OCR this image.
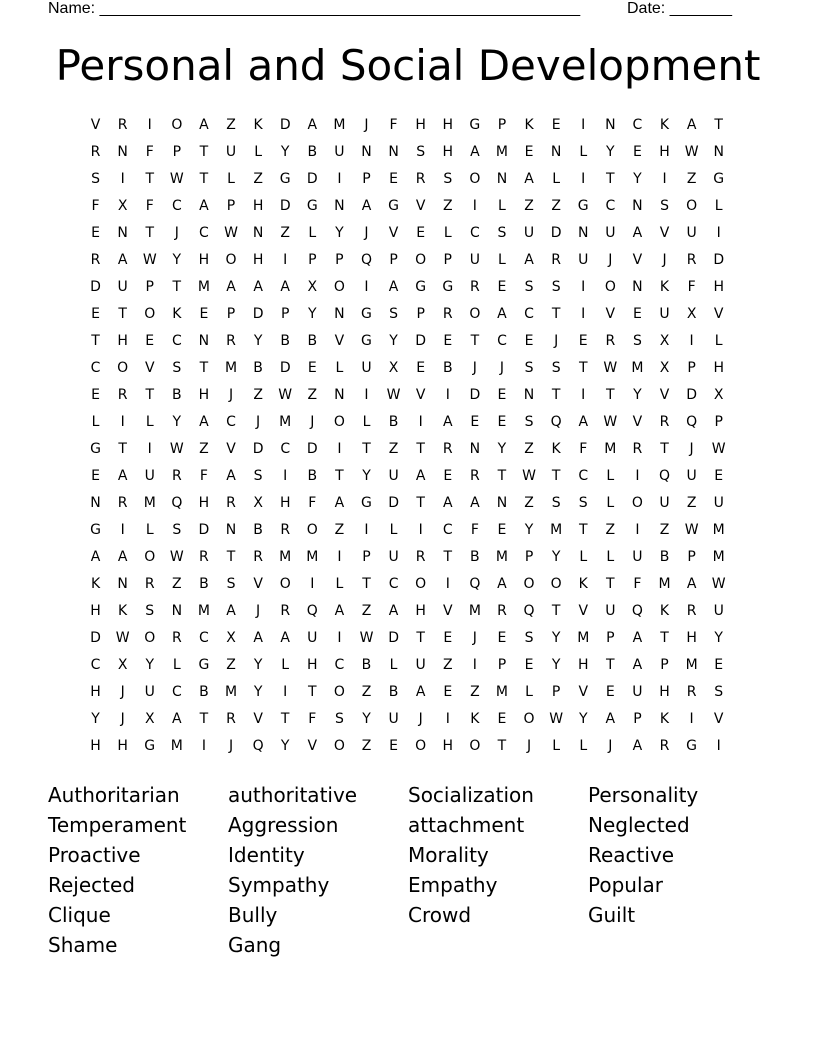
Name: ______________________________________________________	Date: _______
Personal and Social Development
V	R	I	O	A	Z	K	D	A	M	J	F	H	H	G	P	K	E	I	N	C	K	A	T
R	N	F	P	T	U	L	Y	B	U	N	N	S	H	A	M	E	N	L	Y	E	H	W	N
S	I	T	W	T	L	Z	G	D	I	P	E	R	S	O	N	A	L	I	T	Y	I	Z	G
F	X	F	C	A	P	H	D	G	N	A	G	V	Z	I	L	Z	Z	G	C	N	S	O	L
E	N	T	J	C	W	N	Z	L	Y	J	V	E	L	C	S	U	D	N	U	A	V	U	I
R	A	W	Y	H	O	H	I	P	P	Q	P	O	P	U	L	A	R	U	J	V	J	R	D
D	U	P	T	M	A	A	A	X	O	I	A	G	G	R	E	S	S	I	O	N	K	F	H
E	T	O	K	E	P	D	P	Y	N	G	S	P	R	O	A	C	T	I	V	E	U	X	V
T	H	E	C	N	R	Y	B	B	V	G	Y	D	E	T	C	E	J	E	R	S	X	I	L
C	O	V	S	T	M	B	D	E	L	U	X	E	B	J	J	S	S	T	W	M	X	P	H
E	R	T	B	H	J	Z	W	Z	N	I	W	V	I	D	E	N	T	I	T	Y	V	D	X
L	I	L	Y	A	C	J	M	J	O	L	B	I	A	E	E	S	Q	A	W	V	R	Q	P
G	T	I	W	Z	V	D	C	D	I	T	Z	T	R	N	Y	Z	K	F	M	R	T	J	W
E	A	U	R	F	A	S	I	B	T	Y	U	A	E	R	T	W	T	C	L	I	Q	U	E
N	R	M	Q	H	R	X	H	F	A	G	D	T	A	A	N	Z	S	S	L	O	U	Z	U
G	I	L	S	D	N	B	R	O	Z	I	L	I	C	F	E	Y	M	T	Z	I	Z	W	M
A	A	O	W	R	T	R	M	M	I	P	U	R	T	B	M	P	Y	L	L	U	B	P	M
K	N	R	Z	B	S	V	O	I	L	T	C	O	I	Q	A	O	O	K	T	F	M	A	W
H	K	S	N	M	A	J	R	Q	A	Z	A	H	V	M	R	Q	T	V	U	Q	K	R	U
D	W	O	R	C	X	A	A	U	I	W	D	T	E	J	E	S	Y	M	P	A	T	H	Y
C	X	Y	L	G	Z	Y	L	H	C	B	L	U	Z	I	P	E	Y	H	T	A	P	M	E
H	J	U	C	B	M	Y	I	T	O	Z	B	A	E	Z	M	L	P	V	E	U	H	R	S
Y	J	X	A	T	R	V	T	F	S	Y	U	J	I	K	E	O	W	Y	A	P	K	I	V
H	H	G	M	I	J	Q	Y	V	O	Z	E	O	H	O	T	J	L	L	J	A	R	G	I
Authoritarian	authoritative	Socialization	Personality
Temperament	Aggression	attachment	Neglected
Proactive	Identity	Morality	Reactive
Rejected	Sympathy	Empathy	Popular
Clique	Bully	Crowd	Guilt
Shame	Gang
